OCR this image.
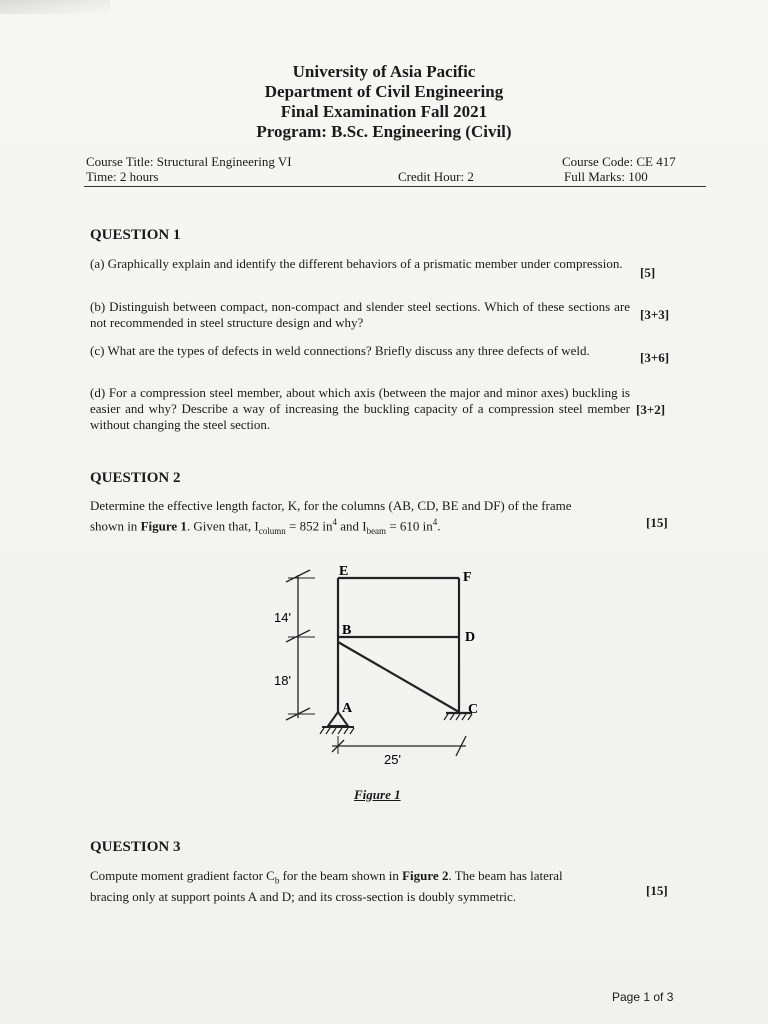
University of Asia Pacific
Department of Civil Engineering
Final Examination Fall 2021
Program: B.Sc. Engineering (Civil)
Course Title: Structural Engineering VI	Course Code: CE 417
Time: 2 hours	Credit Hour: 2	Full Marks: 100
QUESTION 1
(a) Graphically explain and identify the different behaviors of a prismatic member under compression.
[5]
(b) Distinguish between compact, non-compact and slender steel sections. Which of these sections are not recommended in steel structure design and why?
[3+3]
(c) What are the types of defects in weld connections? Briefly discuss any three defects of weld.	[3+6]
(d) For a compression steel member, about which axis (between the major and minor axes) buckling is easier and why? Describe a way of increasing the buckling capacity of a compression steel member without changing the steel section.
[3+2]
QUESTION 2
Determine the effective length factor, K, for the columns (AB, CD, BE and DF) of the frame
shown in Figure 1. Given that, $I_{column} = 852$ $in^4$ and $I_{beam} = 610$ $in^4$.	[15]
14'
18'
25'
E	F
B	D
A	C
Figure 1
QUESTION 3
Compute moment gradient factor $C_b$ for the beam shown in Figure 2. The beam has lateral
bracing only at support points A and D; and its cross-section is doubly symmetric.	[15]
Page 1 of 3
